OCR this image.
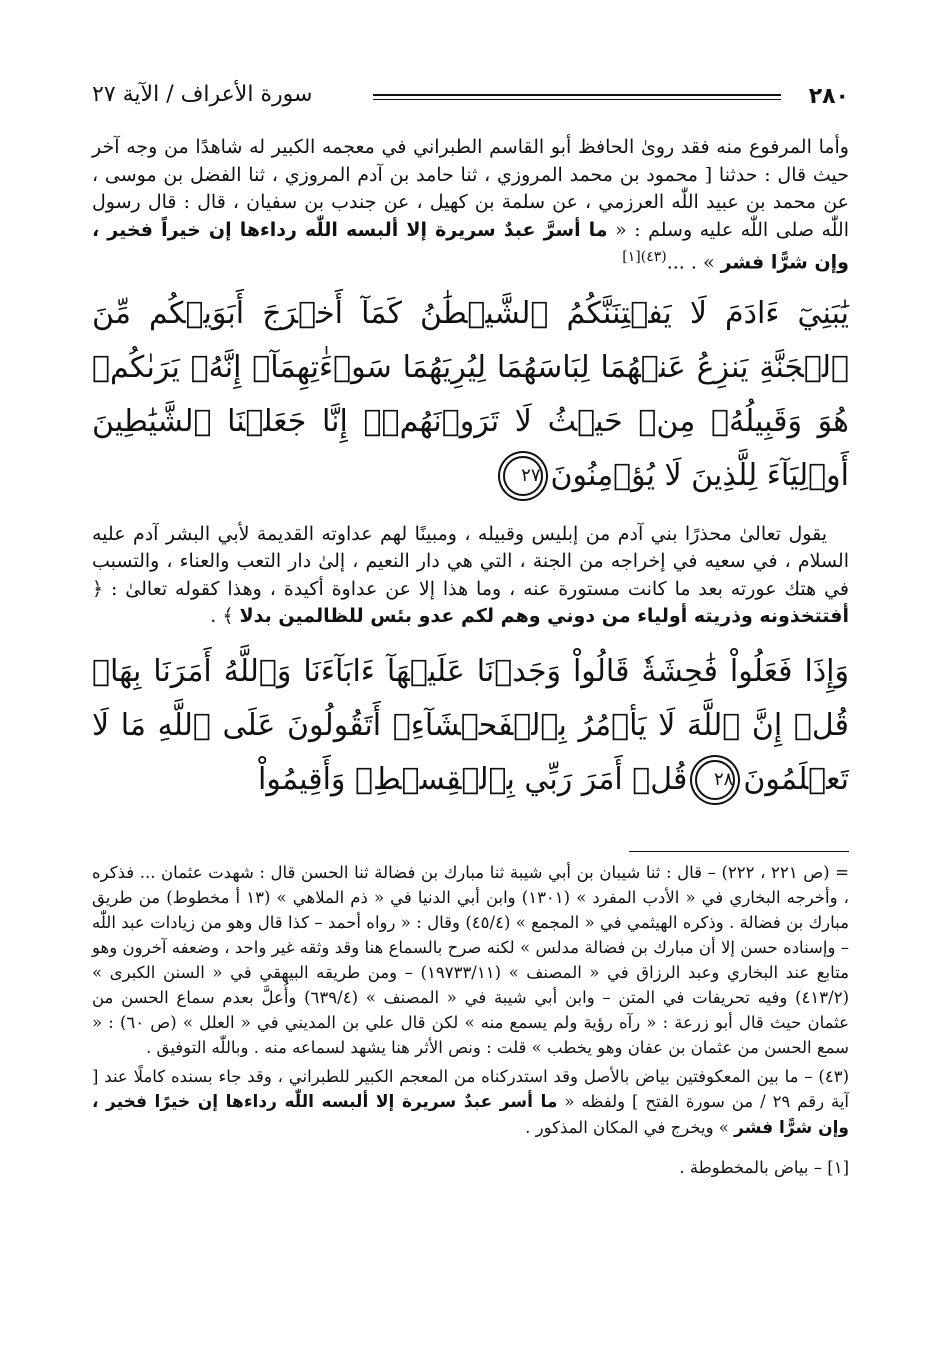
٢٨٠
سورة الأعراف / الآية ٢٧

وأما المرفوع منه فقد روىٰ الحافظ أبو القاسم الطبراني في معجمه الكبير له شاهدًا من وجه آخر حيث قال : حدثنا [ محمود بن محمد المروزي ، ثنا حامد بن آدم المروزي ، ثنا الفضل بن موسى ، عن محمد بن عبيد اللّٰه العرزمي ، عن سلمة بن كهيل ، عن جندب بن سفيان ، قال : قال رسول اللّٰه صلى اللّٰه عليه وسلم : « ما أسرَّ عبدٌ سريرة إلا ألبسه اللّٰه رداءها إن خيراً فخير ، وإن شرًّا فشر » . ...$^{(٤٣)[١]}$

يَٰبَنِيٓ ءَادَمَ لَا يَفۡتِنَنَّكُمُ ٱلشَّيۡطَٰنُ كَمَآ أَخۡرَجَ أَبَوَيۡكُم مِّنَ ٱلۡجَنَّةِ يَنزِعُ عَنۡهُمَا لِبَاسَهُمَا لِيُرِيَهُمَا سَوۡءَٰتِهِمَآۚ إِنَّهُۥ يَرَىٰكُمۡ هُوَ وَقَبِيلُهُۥ مِنۡ حَيۡثُ لَا تَرَوۡنَهُمۡۗ إِنَّا جَعَلۡنَا ٱلشَّيَٰطِينَ أَوۡلِيَآءَ لِلَّذِينَ لَا يُؤۡمِنُونَ٢٧

يقول تعالىٰ محذرًا بني آدم من إبليس وقبيله ، ومبينًا لهم عداوته القديمة لأبي البشر آدم عليه السلام ، في سعيه في إخراجه من الجنة ، التي هي دار النعيم ، إلىٰ دار التعب والعناء ، والتسبب في هتك عورته بعد ما كانت مستورة عنه ، وما هذا إلا عن عداوة أكيدة ، وهذا كقوله تعالىٰ : ﴿ أفتتخذونه وذريته أولياء من دوني وهم لكم عدو بئس للظالمين بدلا ﴾ .

وَإِذَا فَعَلُواْ فَٰحِشَةٗ قَالُواْ وَجَدۡنَا عَلَيۡهَآ ءَابَآءَنَا وَٱللَّهُ أَمَرَنَا بِهَاۗ قُلۡ إِنَّ ٱللَّهَ لَا يَأۡمُرُ بِٱلۡفَحۡشَآءِۖ أَتَقُولُونَ عَلَى ٱللَّهِ مَا لَا تَعۡلَمُونَ٢٨قُلۡ أَمَرَ رَبِّي بِٱلۡقِسۡطِۖ وَأَقِيمُواْ

= (ص ٢٢١ ، ٢٢٢) – قال : ثنا شيبان بن أبي شيبة ثنا مبارك بن فضالة ثنا الحسن قال : شهدت عثمان ... فذكره ، وأخرجه البخاري في « الأدب المفرد » (١٣٠١) وابن أبي الدنيا في « ذم الملاهي » (١٣ أ مخطوط) من طريق مبارك بن فضالة . وذكره الهيثمي في « المجمع » (٤٥/٤) وقال : « رواه أحمد – كذا قال وهو من زيادات عبد اللّٰه – وإسناده حسن إلا أن مبارك بن فضالة مدلس » لكنه صرح بالسماع هنا وقد وثقه غير واحد ، وضعفه آخرون وهو متابع عند البخاري وعبد الرزاق في « المصنف » (١٩٧٣٣/١١) – ومن طريقه البيهقي في « السنن الكبرى » (٤١٣/٢) وفيه تحريفات في المتن – وابن أبي شيبة في « المصنف » (٦٣٩/٤) وأُعلَّ بعدم سماع الحسن من عثمان حيث قال أبو زرعة : « رآه رؤية ولم يسمع منه » لكن قال علي بن المديني في « العلل » (ص ٦٠) : « سمع الحسن من عثمان بن عفان وهو يخطب » قلت : ونص الأثر هنا يشهد لسماعه منه . وباللّٰه التوفيق .

(٤٣) – ما بين المعكوفتين بياض بالأصل وقد استدركناه من المعجم الكبير للطبراني ، وقد جاء بسنده كاملًا عند [ آية رقم ٢٩ / من سورة الفتح ] ولفظه « ما أسر عبدٌ سريرة إلا ألبسه اللّٰه رداءها إن خيرًا فخير ، وإن شرًّا فشر » ويخرج في المكان المذكور .

[١] – بياض بالمخطوطة .
